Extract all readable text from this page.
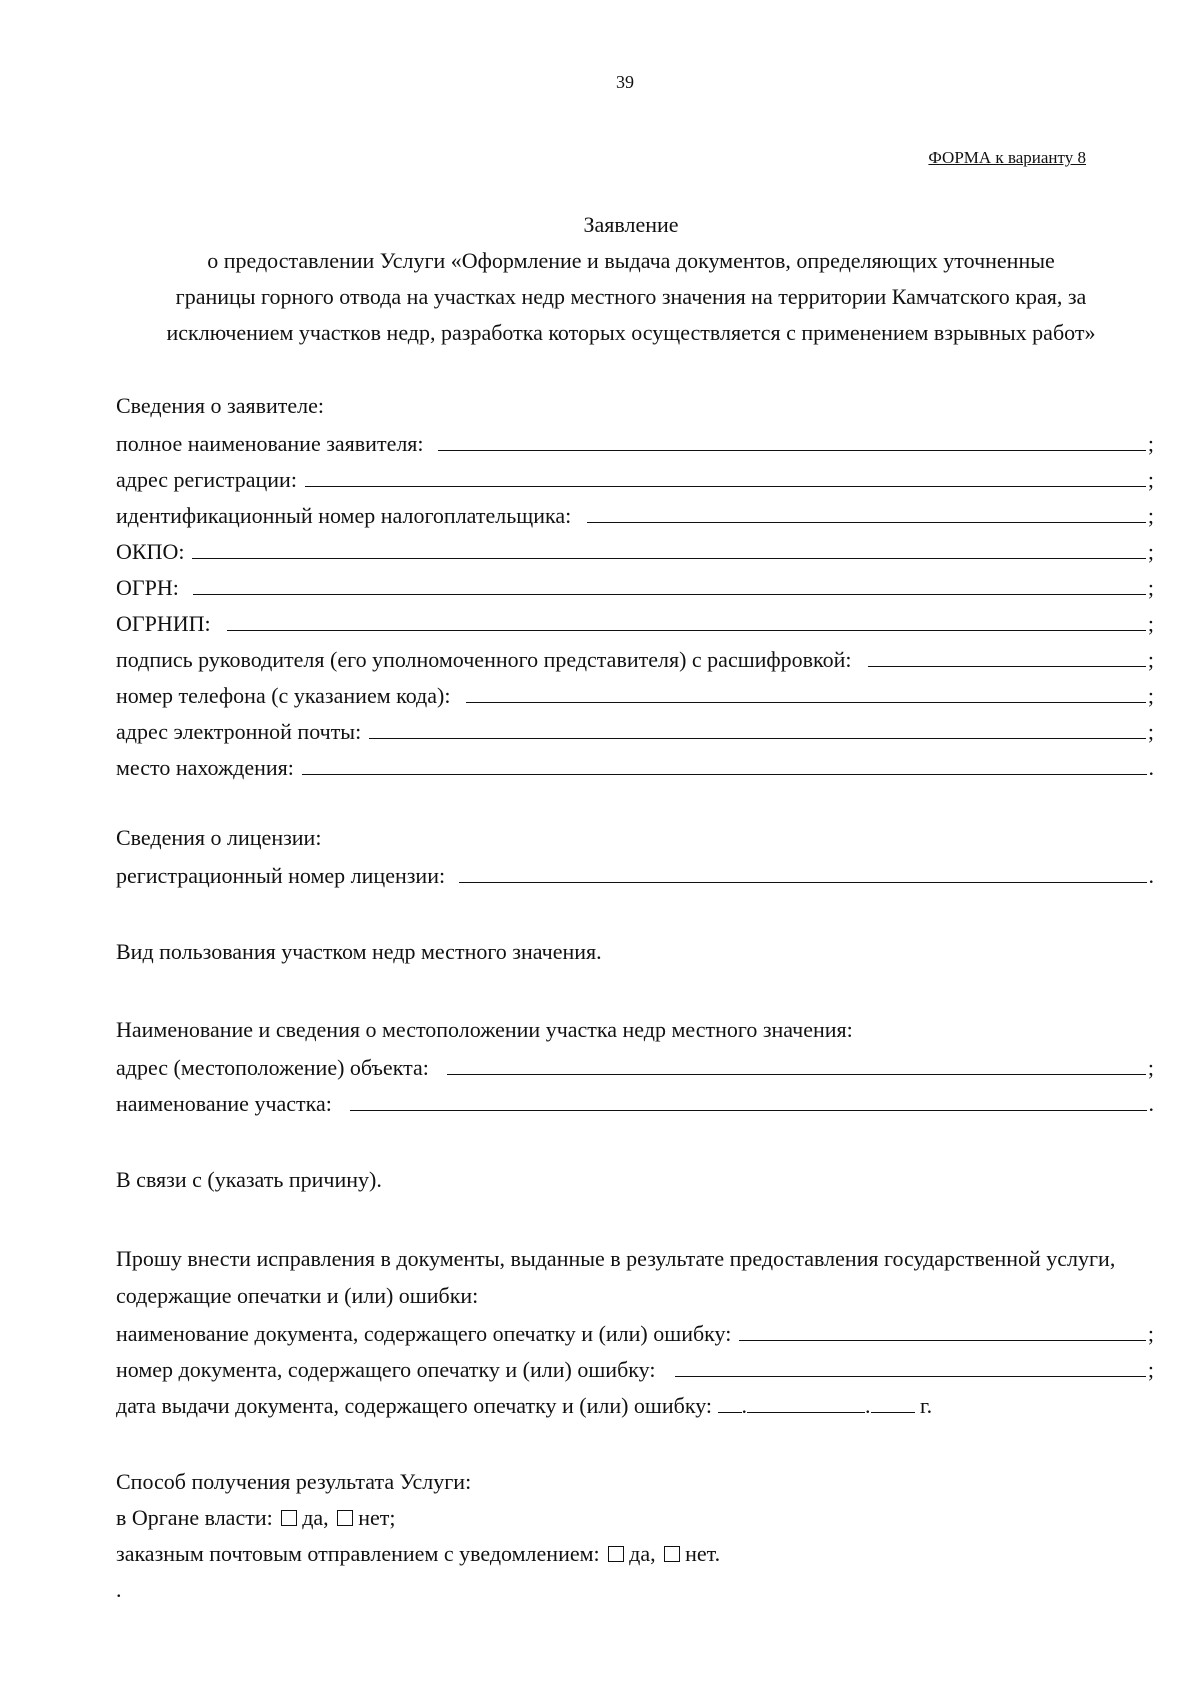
39
ФОРМА к варианту 8
Заявление
о предоставлении Услуги «Оформление и выдача документов, определяющих уточненные
границы горного отвода на участках недр местного значения на территории Камчатского края, за
исключением участков недр, разработка которых осуществляется с применением взрывных работ»
Сведения о заявителе:
полное наименование заявителя:	;
адрес регистрации:	;
идентификационный номер налогоплательщика:	;
ОКПО:	;
ОГРН:	;
ОГРНИП:	;
подпись руководителя (его уполномоченного представителя) с расшифровкой:	;
номер телефона (с указанием кода):	;
адрес электронной почты:	;
место нахождения:	.
Сведения о лицензии:
регистрационный номер лицензии:	.
Вид пользования участком недр местного значения.
Наименование и сведения о местоположении участка недр местного значения:
адрес (местоположение) объекта:	;
наименование участка:	.
В связи с (указать причину).
Прошу внести исправления в документы, выданные в результате предоставления государственной услуги, содержащие опечатки и (или) ошибки:
наименование документа, содержащего опечатку и (или) ошибку:	;
номер документа, содержащего опечатку и (или) ошибку:	;
дата выдачи документа, содержащего опечатку и (или) ошибку: .	. г.
Способ получения результата Услуги:
в Органе власти: да, нет;
заказным почтовым отправлением с уведомлением: да, нет.
.
